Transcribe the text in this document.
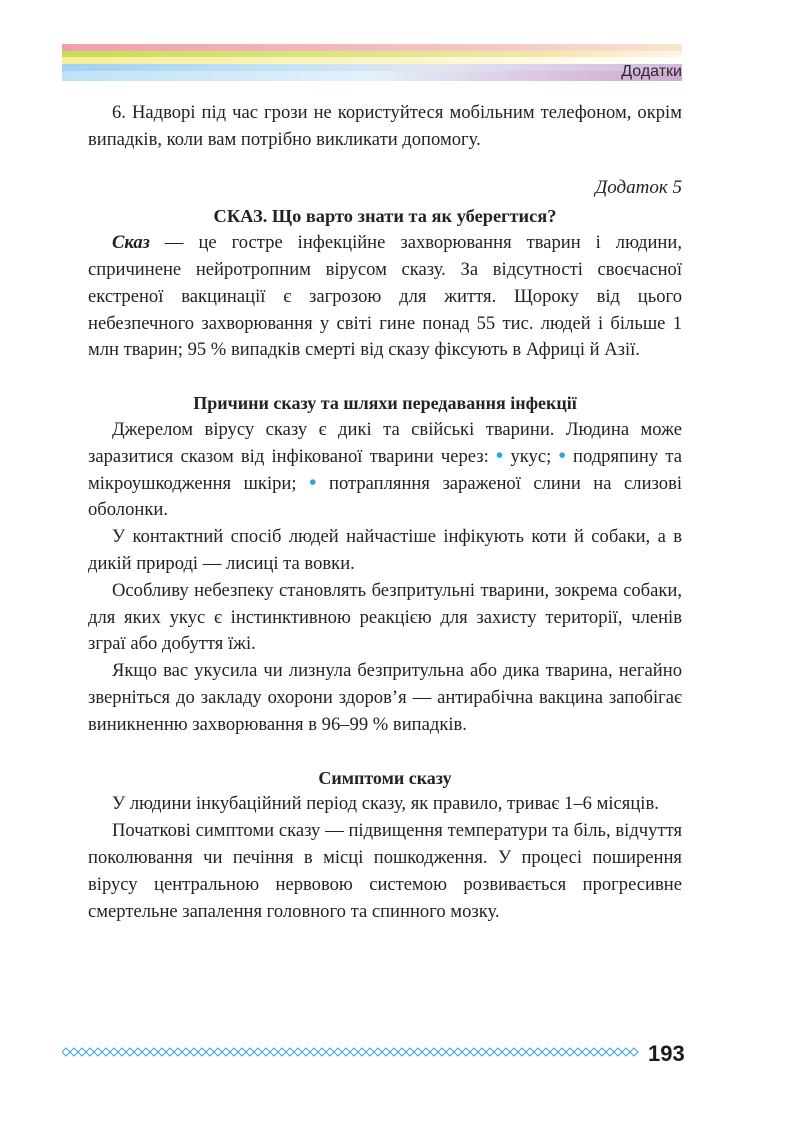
Додатки

6. Надворі під час грози не користуйтеся мобільним телефоном, окрім випадків, коли вам потрібно викликати допомогу.

Додаток 5
СКАЗ. Що варто знати та як уберегтися?

Сказ — це гостре інфекційне захворювання тварин і людини, спричинене нейротропним вірусом сказу. За відсутності своєчасної екстреної вакцинації є загрозою для життя. Щороку від цього небезпечного захворювання у світі гине понад 55 тис. людей і більше 1 млн тварин; 95 % випадків смерті від сказу фіксують в Африці й Азії.

Причини сказу та шляхи передавання інфекції

Джерелом вірусу сказу є дикі та свійські тварини. Людина може заразитися сказом від інфікованої тварини через: • укус; • подряпину та мікроушкодження шкіри; • потрапляння зараженої слини на слизові оболонки.

У контактний спосіб людей найчастіше інфікують коти й собаки, а в дикій природі — лисиці та вовки.

Особливу небезпеку становлять безпритульні тварини, зокрема собаки, для яких укус є інстинктивною реакцією для захисту території, членів зграї або добуття їжі.

Якщо вас укусила чи лизнула безпритульна або дика тварина, негайно зверніться до закладу охорони здоров’я — антирабічна вакцина запобігає виникненню захворювання в 96–99 % випадків.

Симптоми сказу

У людини інкубаційний період сказу, як правило, триває 1–6 місяців.

Початкові симптоми сказу — підвищення температури та біль, відчуття поколювання чи печіння в місці пошкодження. У процесі поширення вірусу центральною нервовою системою розвивається прогресивне смертельне запалення головного та спинного мозку.

193
